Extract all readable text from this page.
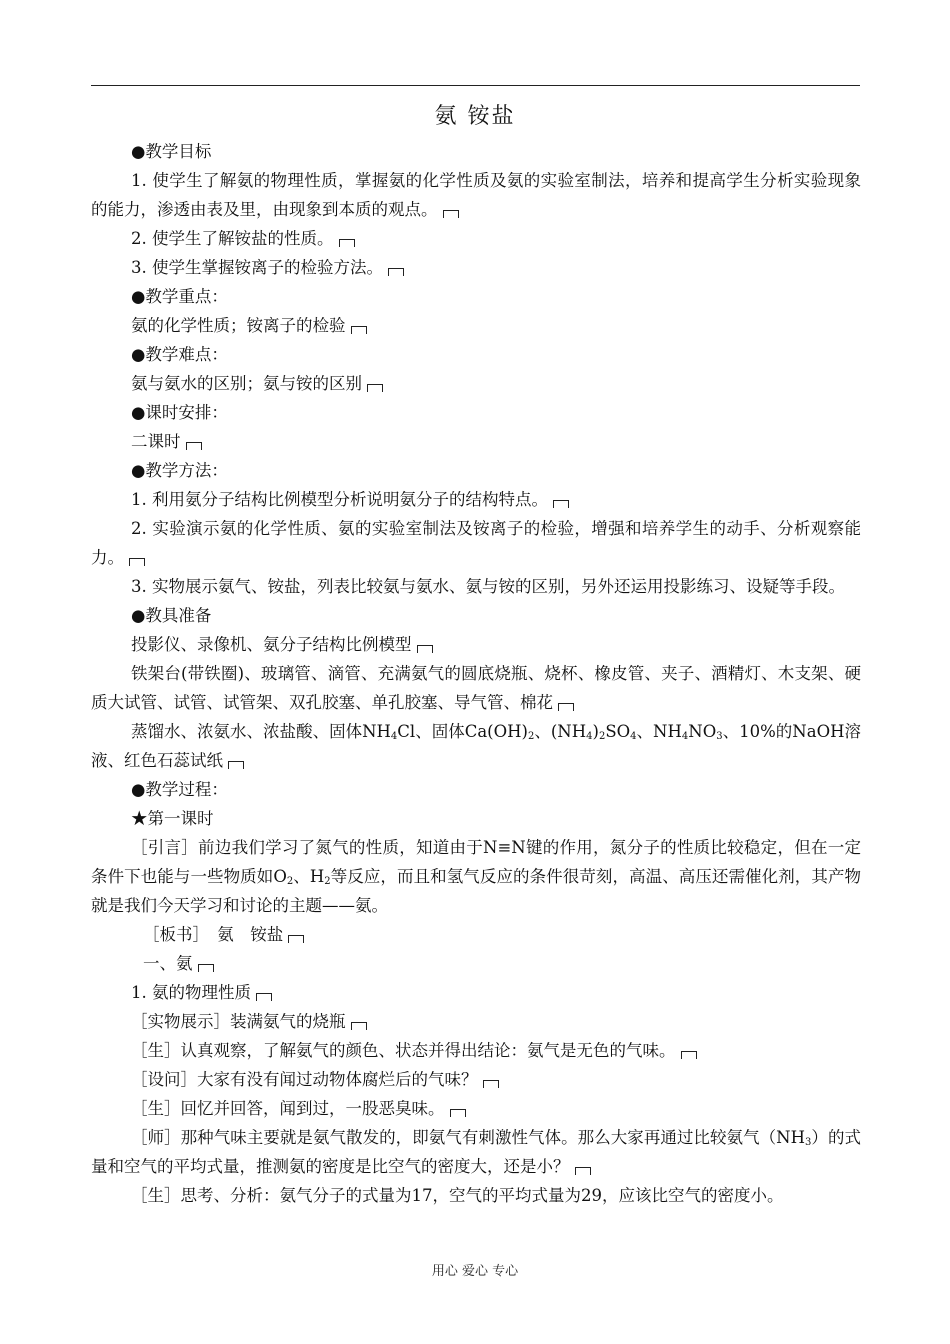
氨 铵盐

●教学目标

1. 使学生了解氨的物理性质，掌握氨的化学性质及氨的实验室制法，培养和提高学生分析实验现象的能力，渗透由表及里，由现象到本质的观点。

2. 使学生了解铵盐的性质。

3. 使学生掌握铵离子的检验方法。

●教学重点：

氨的化学性质；铵离子的检验

●教学难点：

氨与氨水的区别；氨与铵的区别

●课时安排：

二课时

●教学方法：

1. 利用氨分子结构比例模型分析说明氨分子的结构特点。

2. 实验演示氨的化学性质、氨的实验室制法及铵离子的检验，增强和培养学生的动手、分析观察能力。

3. 实物展示氨气、铵盐，列表比较氨与氨水、氨与铵的区别，另外还运用投影练习、设疑等手段。

●教具准备

投影仪、录像机、氨分子结构比例模型

铁架台(带铁圈)、玻璃管、滴管、充满氨气的圆底烧瓶、烧杯、橡皮管、夹子、酒精灯、木支架、硬质大试管、试管、试管架、双孔胶塞、单孔胶塞、导气管、棉花

蒸馏水、浓氨水、浓盐酸、固体$NH_4Cl$、固体$Ca(OH)_2$、$(NH_4)_2SO_4$、$NH_4NO_3$、10%的NaOH溶液、红色石蕊试纸

●教学过程：

★第一课时

［引言］前边我们学习了氮气的性质，知道由于N≡N键的作用，氮分子的性质比较稳定，但在一定条件下也能与一些物质如$O_2$、$H_2$等反应，而且和氢气反应的条件很苛刻，高温、高压还需催化剂，其产物就是我们今天学习和讨论的主题——氨。

［板书］　氨　铵盐

一、氨

1. 氨的物理性质

［实物展示］装满氨气的烧瓶

［生］认真观察，了解氨气的颜色、状态并得出结论：氨气是无色的气味。

［设问］大家有没有闻过动物体腐烂后的气味？

［生］回忆并回答，闻到过，一股恶臭味。

［师］那种气味主要就是氨气散发的，即氨气有刺激性气体。那么大家再通过比较氨气$(NH_3)$的式量和空气的平均式量，推测氨的密度是比空气的密度大，还是小？

［生］思考、分析：氨气分子的式量为17，空气的平均式量为29，应该比空气的密度小。

用心 爱心 专心
